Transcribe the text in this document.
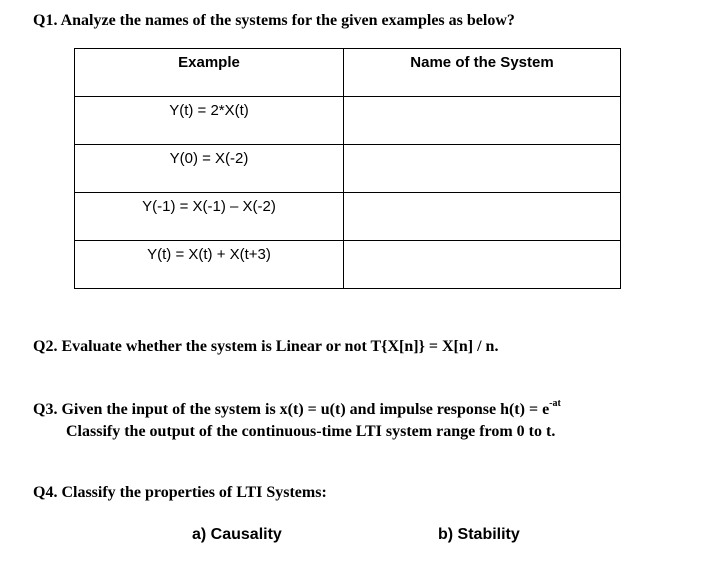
Q1. Analyze the names of the systems for the given examples as below?
Example	Name of the System

Y(t) = 2*X(t)	

Y(0) = X(-2)	

Y(-1) = X(-1) – X(-2)	

Y(t) = X(t) + X(t+3)	

Q2. Evaluate whether the system is Linear or not T{X[n]} = X[n] / n.
Q3. Given the input of the system is x(t) = u(t) and impulse response $h(t) = e^{-at}$
Classify the output of the continuous-time LTI system range from 0 to t.
Q4. Classify the properties of LTI Systems:
a) Causality	b) Stability
